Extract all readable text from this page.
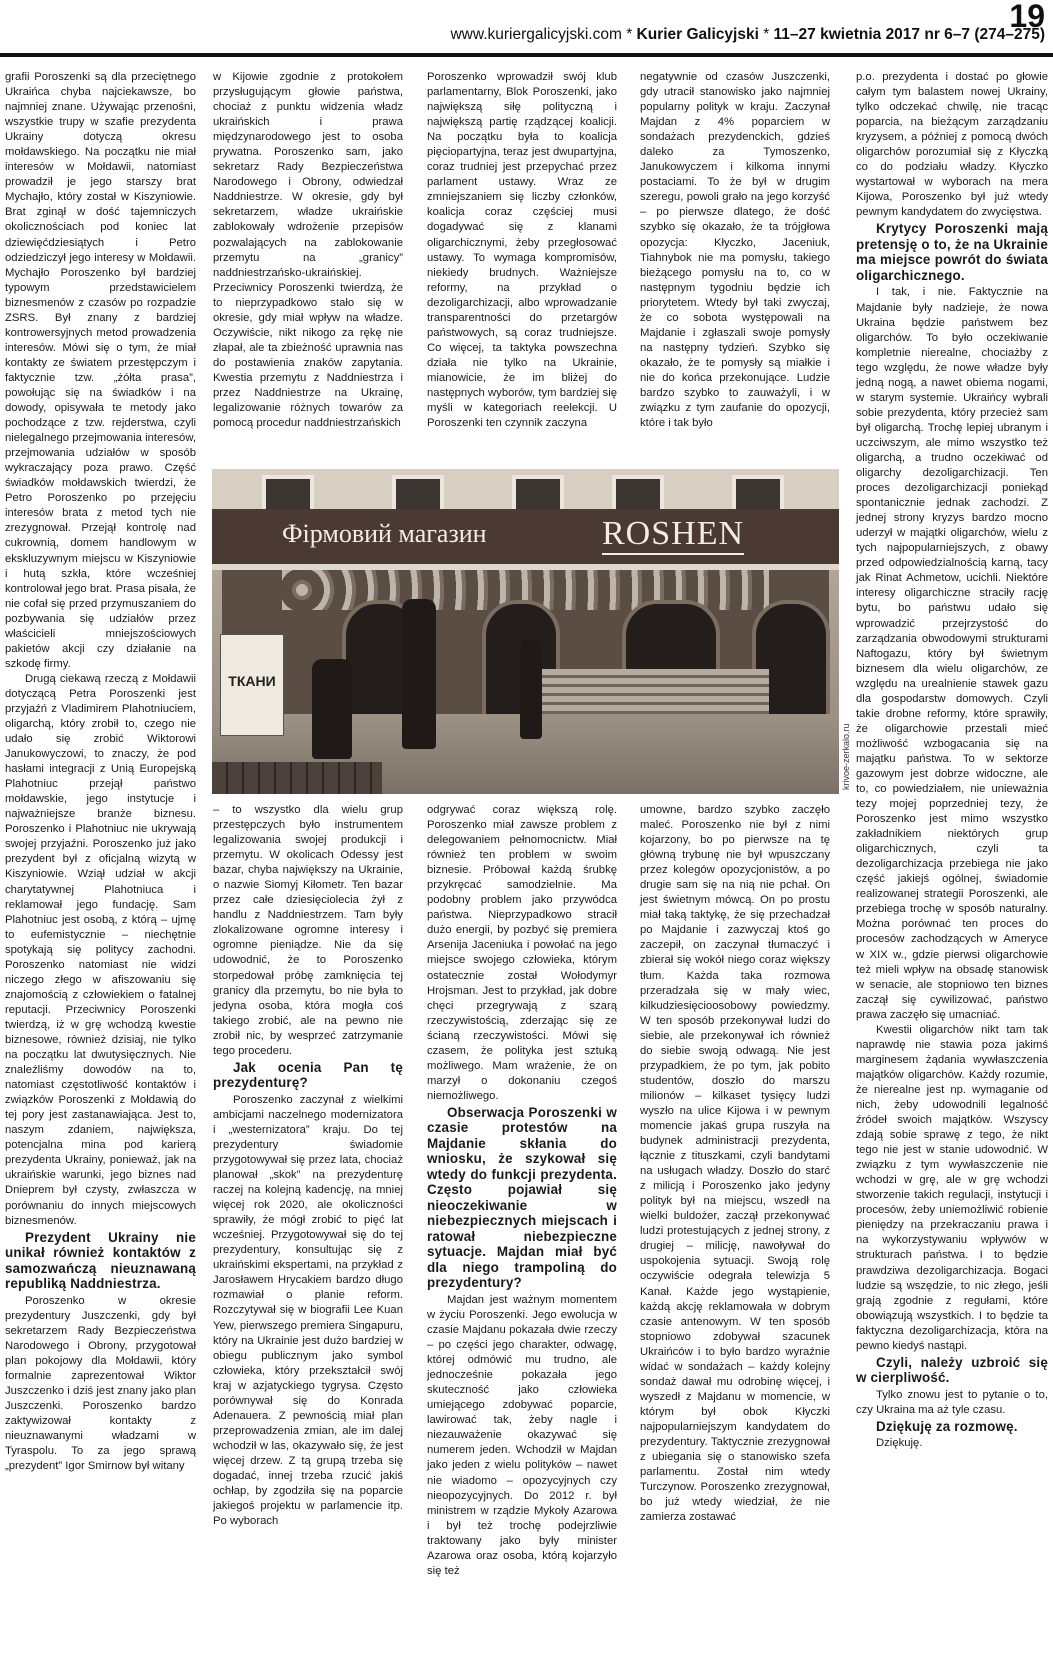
19
www.kuriergalicyjski.com * Kurier Galicyjski * 11–27 kwietnia 2017 nr 6–7 (274–275)

grafii Poroszenki są dla przeciętnego Ukraińca chyba najciekawsze, bo najmniej znane. Używając przenośni, wszystkie trupy w szafie prezydenta Ukrainy dotyczą okresu mołdawskiego. Na początku nie miał interesów w Mołdawii, natomiast prowadził je jego starszy brat Mychajło, który został w Kiszyniowie. Brat zginął w dość tajemniczych okolicznościach pod koniec lat dziewięćdziesiątych i Petro odziedziczył jego interesy w Mołdawii. Mychajło Poroszenko był bardziej typowym przedstawicielem biznesmenów z czasów po rozpadzie ZSRS. Był znany z bardziej kontrowersyjnych metod prowadzenia interesów. Mówi się o tym, że miał kontakty ze światem przestępczym i faktycznie tzw. „żółta prasa”, powołując się na świadków i na dowody, opisywała te metody jako pochodzące z tzw. rejderstwa, czyli nielegalnego przejmowania interesów, przejmowania udziałów w sposób wykraczający poza prawo. Część świadków mołdawskich twierdzi, że Petro Poroszenko po przejęciu interesów brata z metod tych nie zrezygnował. Przejął kontrolę nad cukrownią, domem handlowym w ekskluzywnym miejscu w Kiszyniowie i hutą szkła, które wcześniej kontrolował jego brat. Prasa pisała, że nie cofał się przed przymuszaniem do pozbywania się udziałów przez właścicieli mniejszościowych pakietów akcji czy działanie na szkodę firmy.

Drugą ciekawą rzeczą z Mołdawii dotyczącą Petra Poroszenki jest przyjaźń z Vladimirem Plahotniuciem, oligarchą, który zrobił to, czego nie udało się zrobić Wiktorowi Janukowyczowi, to znaczy, że pod hasłami integracji z Unią Europejską Plahotniuc przejął państwo mołdawskie, jego instytucje i najważniejsze branże biznesu. Poroszenko i Plahotniuc nie ukrywają swojej przyjaźni. Poroszenko już jako prezydent był z oficjalną wizytą w Kiszyniowie. Wziął udział w akcji charytatywnej Plahotniuca i reklamował jego fundację. Sam Plahotniuc jest osobą, z którą – ujmę to eufemistycznie – niechętnie spotykają się politycy zachodni. Poroszenko natomiast nie widzi niczego złego w afiszowaniu się znajomością z człowiekiem o fatalnej reputacji. Przeciwnicy Poroszenki twierdzą, iż w grę wchodzą kwestie biznesowe, również dzisiaj, nie tylko na początku lat dwutysięcznych. Nie znaleźliśmy dowodów na to, natomiast częstotliwość kontaktów i związków Poroszenki z Mołdawią do tej pory jest zastanawiająca. Jest to, naszym zdaniem, największa, potencjalna mina pod karierą prezydenta Ukrainy, ponieważ, jak na ukraińskie warunki, jego biznes nad Dnieprem był czysty, zwłaszcza w porównaniu do innych miejscowych biznesmenów.

Prezydent Ukrainy nie unikał również kontaktów z samozwańczą nieuznawaną republiką Naddniestrza.

Poroszenko w okresie prezydentury Juszczenki, gdy był sekretarzem Rady Bezpieczeństwa Narodowego i Obrony, przygotował plan pokojowy dla Mołdawii, który formalnie zaprezentował Wiktor Juszczenko i dziś jest znany jako plan Juszczenki. Poroszenko bardzo zaktywizował kontakty z nieuznawanymi władzami w Tyraspolu. To za jego sprawą „prezydent” Igor Smirnow był witany

w Kijowie zgodnie z protokołem przysługującym głowie państwa, chociaż z punktu widzenia władz ukraińskich i prawa międzynarodowego jest to osoba prywatna. Poroszenko sam, jako sekretarz Rady Bezpieczeństwa Narodowego i Obrony, odwiedzał Naddniestrze. W okresie, gdy był sekretarzem, władze ukraińskie zablokowały wdrożenie przepisów pozwalających na zablokowanie przemytu na „granicy” naddniestrzańsko-ukraińskiej. Przeciwnicy Poroszenki twierdzą, że to nieprzypadkowo stało się w okresie, gdy miał wpływ na władze. Oczywiście, nikt nikogo za rękę nie złapał, ale ta zbieżność uprawnia nas do postawienia znaków zapytania. Kwestia przemytu z Naddniestrza i przez Naddniestrze na Ukrainę, legalizowanie różnych towarów za pomocą procedur naddniestrzańskich

Poroszenko wprowadził swój klub parlamentarny, Blok Poroszenki, jako największą siłę polityczną i największą partię rządzącej koalicji. Na początku była to koalicja pięciopartyjna, teraz jest dwupartyjna, coraz trudniej jest przepychać przez parlament ustawy. Wraz ze zmniejszaniem się liczby członków, koalicja coraz częściej musi dogadywać się z klanami oligarchicznymi, żeby przegłosować ustawy. To wymaga kompromisów, niekiedy brudnych. Ważniejsze reformy, na przykład o dezoligarchizacji, albo wprowadzanie transparentności do przetargów państwowych, są coraz trudniejsze. Co więcej, ta taktyka powszechna działa nie tylko na Ukrainie, mianowicie, że im bliżej do następnych wyborów, tym bardziej się myśli w kategoriach reelekcji. U Poroszenki ten czynnik zaczyna

negatywnie od czasów Juszczenki, gdy utracił stanowisko jako najmniej popularny polityk w kraju. Zaczynał Majdan z 4% poparciem w sondażach prezydenckich, gdzieś daleko za Tymoszenko, Janukowyczem i kilkoma innymi postaciami. To że był w drugim szeregu, powoli grało na jego korzyść – po pierwsze dlatego, że dość szybko się okazało, że ta trójgłowa opozycja: Kłyczko, Jaceniuk, Tiahnybok nie ma pomysłu, takiego bieżącego pomysłu na to, co w następnym tygodniu będzie ich priorytetem. Wtedy był taki zwyczaj, że co sobota występowali na Majdanie i zgłaszali swoje pomysły na następny tydzień. Szybko się okazało, że te pomysły są miałkie i nie do końca przekonujące. Ludzie bardzo szybko to zauważyli, i w związku z tym zaufanie do opozycji, które i tak było

– to wszystko dla wielu grup przestępczych było instrumentem legalizowania swojej produkcji i przemytu. W okolicach Odessy jest bazar, chyba największy na Ukrainie, o nazwie Siomyj Kiłometr. Ten bazar przez całe dziesięciolecia żył z handlu z Naddniestrzem. Tam były zlokalizowane ogromne interesy i ogromne pieniądze. Nie da się udowodnić, że to Poroszenko storpedował próbę zamknięcia tej granicy dla przemytu, bo nie była to jedyna osoba, która mogła coś takiego zrobić, ale na pewno nie zrobił nic, by wesprzeć zatrzymanie tego procederu.

Jak ocenia Pan tę prezydenturę?

Poroszenko zaczynał z wielkimi ambicjami naczelnego modernizatora i „westernizatora” kraju. Do tej prezydentury świadomie przygotowywał się przez lata, chociaż planował „skok” na prezydenturę raczej na kolejną kadencję, na mniej więcej rok 2020, ale okoliczności sprawiły, że mógł zrobić to pięć lat wcześniej. Przygotowywał się do tej prezydentury, konsultując się z ukraińskimi ekspertami, na przykład z Jarosławem Hrycakiem bardzo długo rozmawiał o planie reform. Rozczytywał się w biografii Lee Kuan Yew, pierwszego premiera Singapuru, który na Ukrainie jest dużo bardziej w obiegu publicznym jako symbol człowieka, który przekształcił swój kraj w azjatyckiego tygrysa. Często porównywał się do Konrada Adenauera. Z pewnością miał plan przeprowadzenia zmian, ale im dalej wchodził w las, okazywało się, że jest więcej drzew. Z tą grupą trzeba się dogadać, innej trzeba rzucić jakiś ochłap, by zgodziła się na poparcie jakiegoś projektu w parlamencie itp. Po wyborach

odgrywać coraz większą rolę. Poroszenko miał zawsze problem z delegowaniem pełnomocnictw. Miał również ten problem w swoim biznesie. Próbował każdą śrubkę przykręcać samodzielnie. Ma podobny problem jako przywódca państwa. Nieprzypadkowo stracił dużo energii, by pozbyć się premiera Arsenija Jaceniuka i powołać na jego miejsce swojego człowieka, którym ostatecznie został Wołodymyr Hrojsman. Jest to przykład, jak dobre chęci przegrywają z szarą rzeczywistością, zderzając się ze ścianą rzeczywistości. Mówi się czasem, że polityka jest sztuką możliwego. Mam wrażenie, że on marzył o dokonaniu czegoś niemożliwego.

Obserwacja Poroszenki w czasie protestów na Majdanie skłania do wniosku, że szykował się wtedy do funkcji prezydenta. Często pojawiał się nieoczekiwanie w niebezpiecznych miejscach i ratował niebezpieczne sytuacje. Majdan miał być dla niego trampoliną do prezydentury?

Majdan jest ważnym momentem w życiu Poroszenki. Jego ewolucja w czasie Majdanu pokazała dwie rzeczy – po części jego charakter, odwagę, której odmówić mu trudno, ale jednocześnie pokazała jego skuteczność jako człowieka umiejącego zdobywać poparcie, lawirować tak, żeby nagle i niezauważenie okazywać się numerem jeden. Wchodził w Majdan jako jeden z wielu polityków – nawet nie wiadomo – opozycyjnych czy nieopozycyjnych. Do 2012 r. był ministrem w rządzie Mykoły Azarowa i był też trochę podejrzliwie traktowany jako były minister Azarowa oraz osoba, którą kojarzyło się też

umowne, bardzo szybko zaczęło maleć. Poroszenko nie był z nimi kojarzony, bo po pierwsze na tę główną trybunę nie był wpuszczany przez kolegów opozycjonistów, a po drugie sam się na nią nie pchał. On jest świetnym mówcą. On po prostu miał taką taktykę, że się przechadzał po Majdanie i zazwyczaj ktoś go zaczepił, on zaczynał tłumaczyć i zbierał się wokół niego coraz większy tłum. Każda taka rozmowa przeradzała się w mały wiec, kilkudziesięcioosobowy powiedzmy. W ten sposób przekonywał ludzi do siebie, ale przekonywał ich również do siebie swoją odwagą. Nie jest przypadkiem, że po tym, jak pobito studentów, doszło do marszu milionów – kilkaset tysięcy ludzi wyszło na ulice Kijowa i w pewnym momencie jakaś grupa ruszyła na budynek administracji prezydenta, łącznie z tituszkami, czyli bandytami na usługach władzy. Doszło do starć z milicją i Poroszenko jako jedyny polityk był na miejscu, wszedł na wielki buldożer, zaczął przekonywać ludzi protestujących z jednej strony, z drugiej – milicję, nawoływał do uspokojenia sytuacji. Swoją rolę oczywiście odegrała telewizja 5 Kanał. Każde jego wystąpienie, każdą akcję reklamowała w dobrym czasie antenowym. W ten sposób stopniowo zdobywał szacunek Ukraińców i to było bardzo wyraźnie widać w sondażach – każdy kolejny sondaż dawał mu odrobinę więcej, i wyszedł z Majdanu w momencie, w którym był obok Kłyczki najpopularniejszym kandydatem do prezydentury. Taktycznie zrezygnował z ubiegania się o stanowisko szefa parlamentu. Został nim wtedy Turczynow. Poroszenko zrezygnował, bo już wtedy wiedział, że nie zamierza zostawać

p.o. prezydenta i dostać po głowie całym tym balastem nowej Ukrainy, tylko odczekać chwilę, nie tracąc poparcia, na bieżącym zarządzaniu kryzysem, a później z pomocą dwóch oligarchów porozumiał się z Kłyczką co do podziału władzy. Kłyczko wystartował w wyborach na mera Kijowa, Poroszenko był już wtedy pewnym kandydatem do zwycięstwa.

Krytycy Poroszenki mają pretensję o to, że na Ukrainie ma miejsce powrót do świata oligarchicznego.

I tak, i nie. Faktycznie na Majdanie były nadzieje, że nowa Ukraina będzie państwem bez oligarchów. To było oczekiwanie kompletnie nierealne, chociażby z tego względu, że nowe władze były jedną nogą, a nawet obiema nogami, w starym systemie. Ukraińcy wybrali sobie prezydenta, który przecież sam był oligarchą. Trochę lepiej ubranym i uczciwszym, ale mimo wszystko też oligarchą, a trudno oczekiwać od oligarchy dezoligarchizacji. Ten proces dezoligarchizacji poniekąd spontanicznie jednak zachodzi. Z jednej strony kryzys bardzo mocno uderzył w majątki oligarchów, wielu z tych najpopularniejszych, z obawy przed odpowiedzialnością karną, tacy jak Rinat Achmetow, ucichli. Niektóre interesy oligarchiczne straciły rację bytu, bo państwu udało się wprowadzić przejrzystość do zarządzania obwodowymi strukturami Naftogazu, który był świetnym biznesem dla wielu oligarchów, ze względu na urealnienie stawek gazu dla gospodarstw domowych. Czyli takie drobne reformy, które sprawiły, że oligarchowie przestali mieć możliwość wzbogacania się na majątku państwa. To w sektorze gazowym jest dobrze widoczne, ale to, co powiedziałem, nie unieważnia tezy mojej poprzedniej tezy, że Poroszenko jest mimo wszystko zakładnikiem niektórych grup oligarchicznych, czyli ta dezoligarchizacja przebiega nie jako część jakiejś ogólnej, świadomie realizowanej strategii Poroszenki, ale przebiega trochę w sposób naturalny. Można porównać ten proces do procesów zachodzących w Ameryce w XIX w., gdzie pierwsi oligarchowie też mieli wpływ na obsadę stanowisk w senacie, ale stopniowo ten biznes zaczął się cywilizować, państwo prawa zaczęło się umacniać.

Kwestii oligarchów nikt tam tak naprawdę nie stawia poza jakimś marginesem żądania wywłaszczenia majątków oligarchów. Każdy rozumie, że nierealne jest np. wymaganie od nich, żeby udowodnili legalność źródeł swoich majątków. Wszyscy zdają sobie sprawę z tego, że nikt tego nie jest w stanie udowodnić. W związku z tym wywłaszczenie nie wchodzi w grę, ale w grę wchodzi stworzenie takich regulacji, instytucji i procesów, żeby uniemożliwić robienie pieniędzy na przekraczaniu prawa i na wykorzystywaniu wpływów w strukturach państwa. I to będzie prawdziwa dezoligarchizacja. Bogaci ludzie są wszędzie, to nic złego, jeśli grają zgodnie z regułami, które obowiązują wszystkich. I to będzie ta faktyczna dezoligarchizacja, która na pewno kiedyś nastąpi.

Czyli, należy uzbroić się w cierpliwość.

Tylko znowu jest to pytanie o to, czy Ukraina ma aż tyle czasu.

Dziękuję za rozmowę.

Dziękuję.

Фірмовий магазин	ROSHEN
ТКАНИ
krivoe-zerkalo.ru
